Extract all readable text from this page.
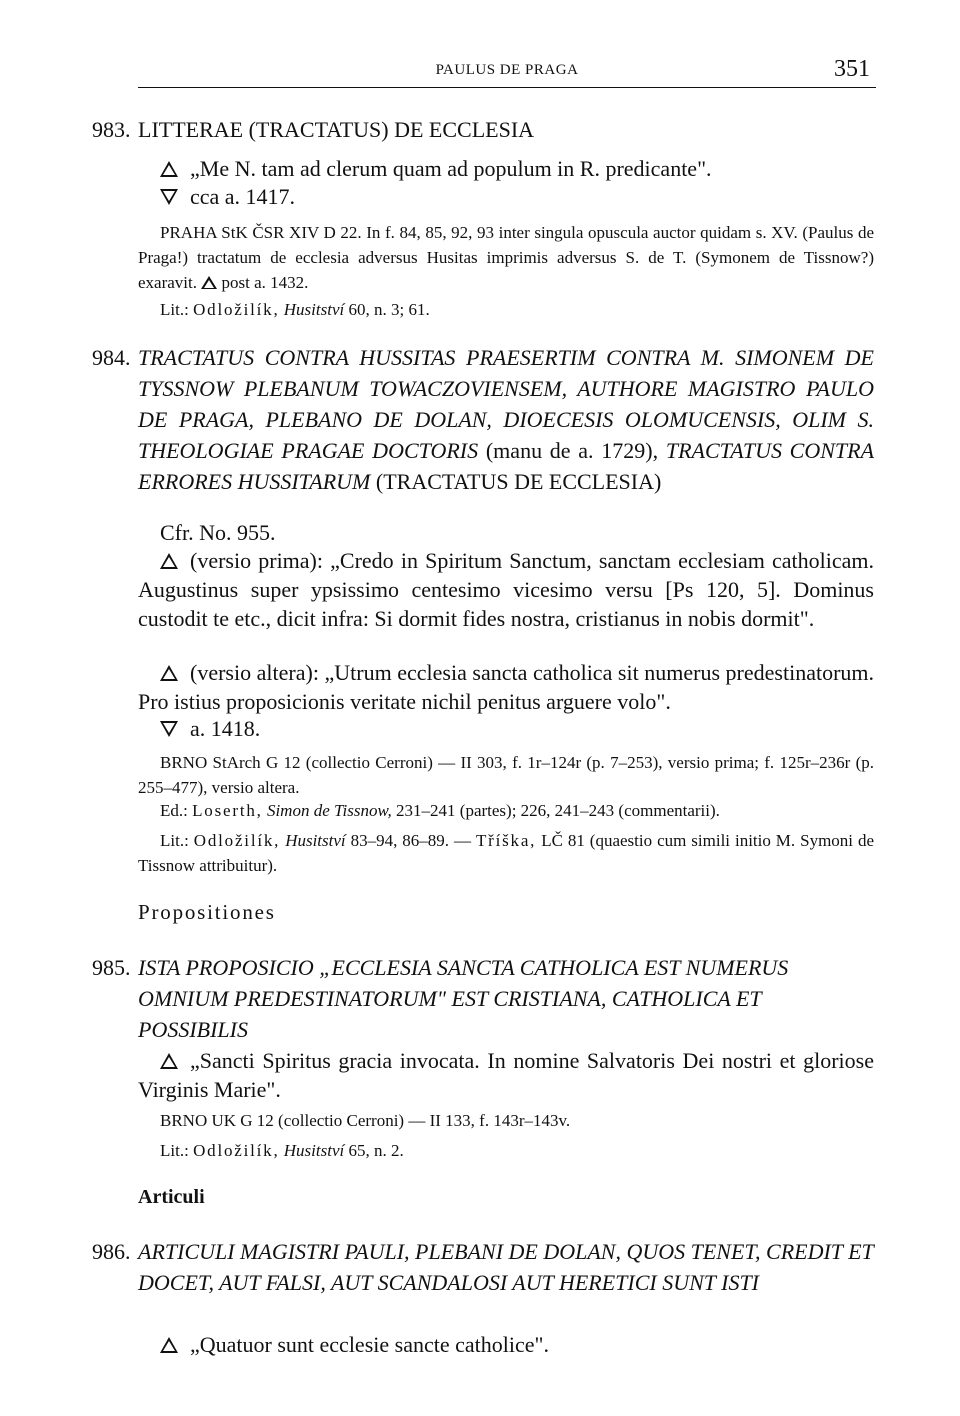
PAULUS DE PRAGA	351
983. LITTERAE (TRACTATUS) DE ECCLESIA
„Me N. tam ad clerum quam ad populum in R. predicante".
cca a. 1417.
PRAHA StK ČSR XIV D 22. In f. 84, 85, 92, 93 inter singula opuscula auctor quidam s. XV. (Paulus de Praga!) tractatum de ecclesia adversus Husitas imprimis adversus S. de T. (Symonem de Tissnow?) exaravit. post a. 1432.
Lit.: Odložilík, Husitství 60, n. 3; 61.
984. TRACTATUS CONTRA HUSSITAS PRAESERTIM CONTRA M. SIMONEM DE TYSSNOW PLEBANUM TOWACZOVIENSEM, AUTHORE MAGISTRO PAULO DE PRAGA, PLEBANO DE DOLAN, DIOECESIS OLOMUCENSIS, OLIM S. THEOLOGIAE PRAGAE DOCTORIS (manu de a. 1729), TRACTATUS CONTRA ERRORES HUSSITARUM (TRACTATUS DE ECCLESIA)
Cfr. No. 955.
(versio prima): „Credo in Spiritum Sanctum, sanctam ecclesiam catholicam. Augustinus super ypsissimo centesimo vicesimo versu [Ps 120, 5]. Dominus custodit te etc., dicit infra: Si dormit fides nostra, cristianus in nobis dormit".
(versio altera): „Utrum ecclesia sancta catholica sit numerus predestinatorum. Pro istius proposicionis veritate nichil penitus arguere volo".
a. 1418.
BRNO StArch G 12 (collectio Cerroni) — II 303, f. 1r–124r (p. 7–253), versio prima; f. 125r–236r (p. 255–477), versio altera.
Ed.: Loserth, Simon de Tissnow, 231–241 (partes); 226, 241–243 (commentarii).
Lit.: Odložilík, Husitství 83–94, 86–89. — Tříška, LČ 81 (quaestio cum simili initio M. Symoni de Tissnow attribuitur).
Propositiones
985. ISTA PROPOSICIO „ECCLESIA SANCTA CATHOLICA EST NUMERUS OMNIUM PREDESTINATORUM" EST CRISTIANA, CATHOLICA ET POSSIBILIS
„Sancti Spiritus gracia invocata. In nomine Salvatoris Dei nostri et gloriose Virginis Marie".
BRNO UK G 12 (collectio Cerroni) — II 133, f. 143r–143v.
Lit.: Odložilík, Husitství 65, n. 2.
Articuli
986. ARTICULI MAGISTRI PAULI, PLEBANI DE DOLAN, QUOS TENET, CREDIT ET DOCET, AUT FALSI, AUT SCANDALOSI AUT HERETICI SUNT ISTI
„Quatuor sunt ecclesie sancte catholice".
